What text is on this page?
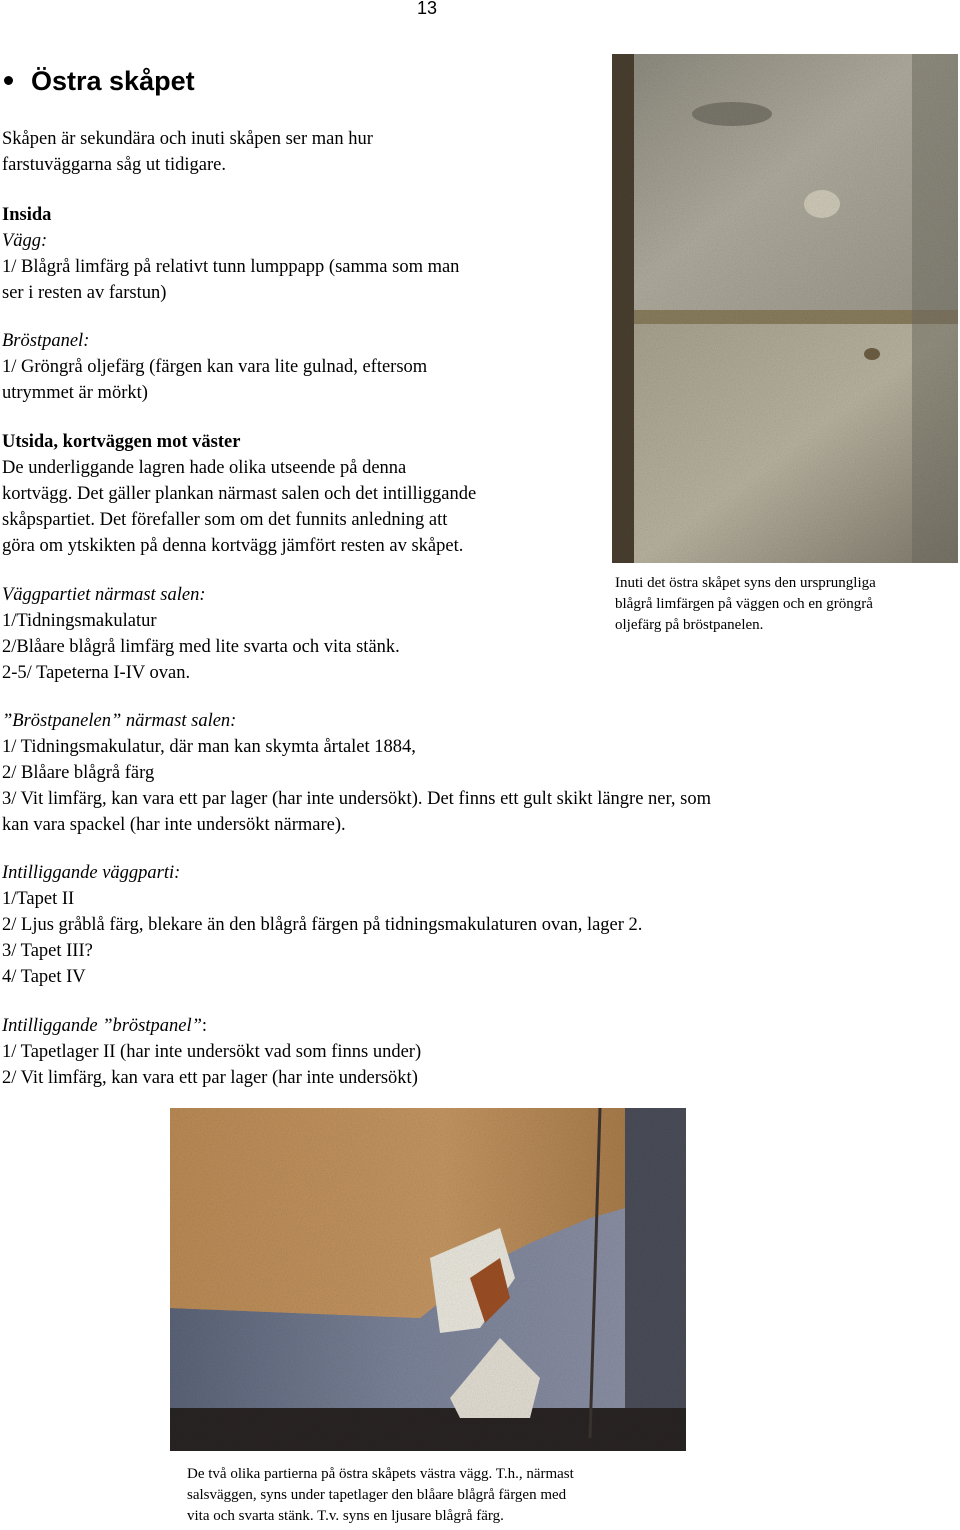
13
Östra skåpet
Skåpen är sekundära och inuti skåpen ser man hur
farstuväggarna såg ut tidigare.
Insida
Vägg:
1/ Blågrå limfärg på relativt tunn lumppapp (samma som man
ser i resten av farstun)
Bröstpanel:
1/ Gröngrå oljefärg (färgen kan vara lite gulnad, eftersom
utrymmet är mörkt)
Utsida, kortväggen mot väster
De underliggande lagren hade olika utseende på denna
kortvägg. Det gäller plankan närmast salen och det intilliggande
skåpspartiet. Det förefaller som om det funnits anledning att
göra om ytskikten på denna kortvägg jämfört resten av skåpet.
Väggpartiet närmast salen:
1/Tidningsmakulatur
2/Blåare blågrå limfärg med lite svarta och vita stänk.
2-5/ Tapeterna I-IV ovan.
”Bröstpanelen” närmast salen:
1/ Tidningsmakulatur, där man kan skymta årtalet 1884,
2/ Blåare blågrå färg
3/ Vit limfärg, kan vara ett par lager (har inte undersökt). Det finns ett gult skikt längre ner, som
kan vara spackel (har inte undersökt närmare).
Intilliggande väggparti:
1/Tapet II
2/ Ljus gråblå färg, blekare än den blågrå färgen på tidningsmakulaturen ovan, lager 2.
3/ Tapet III?
4/ Tapet IV
Intilliggande ”bröstpanel”:
1/ Tapetlager II (har inte undersökt vad som finns under)
2/ Vit limfärg, kan vara ett par lager (har inte undersökt)
Inuti det östra skåpet syns den ursprungliga
blågrå limfärgen på väggen och en gröngrå
oljefärg på bröstpanelen.
De två olika partierna på östra skåpets västra vägg. T.h., närmast
salsväggen, syns under tapetlager den blåare blågrå färgen med
vita och svarta stänk. T.v. syns en ljusare blågrå färg.
